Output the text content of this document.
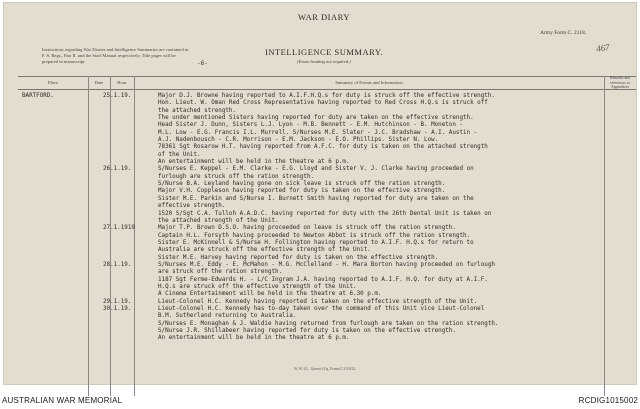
WAR DIARY
INTELLIGENCE SUMMARY.
(Erase heading not required.)
Army Form C. 2118.
Instructions regarding War Diaries and Intelligence Summaries are contained in F. S. Regs., Part II. and the Staff Manual respectively. Title pages will be prepared in manuscript.	-6-
467
Place	Date	Hour	Summary of Events and Information
Remarks and references to Appendices
BARTFORD.	25.1.19.	Major D.J. Browne having reported to A.I.F.H.Q.s for duty is struck off the effective strength.
Hon. Lieut. W. Oman Red Cross Representative having reported to Red Cross H.Q.s is struck off
the attached strength.
The under mentioned Sisters having reported for duty are taken on the effective strength.
Head Sister J. Dunn, Sisters L.J. Lyon - M.B. Bennett - E.M. Hutchinson - B. Moneton -
M.L. Low - E.G. Francis I.L. Murrell. S/Nurses M.E. Slater - J.C. Bradshaw - A.I. Austin -
A.J. Nadenbousch - C.R. Morrison - E.M. Jackson - E.O. Phillips. Sister N. Low.
78361 Sgt Rosarow H.T. having reported from A.F.C. for duty is taken on the attached strength
of the Unit.
An entertainment will be held in the theatre at 6 p.m.
26.1.19.	S/Nurses E. Keppel - E.M. Clarke - E.G. Lloyd and Sister V. J. Clarke having proceeded on
furlough are struck off the ration strength.
S/Nurse B.A. Leyland having gone on sick leave is struck off the ration strength.
Major V.H. Coppleson having reported for duty is taken on the effective strength.
Sister M.E. Parkin and S/Nurse I. Burnett Smith having reported for duty are taken on the
effective strength.
1520 S/Sgt C.A. Tulloh A.A.D.C. having reported for duty with the 26th Dental Unit is taken on
the attached strength of the Unit.
27.1.1919	Major T.P. Brown D.S.O. having proceeded on leave is struck off the ration strength.
Captain H.L. Forsyth having proceeded to Newton Abbot is struck off the ration strength.
Sister E. McKinnell & S/Nurse H. Follington having reported to A.I.F. H.Q.s for return to
Australia are struck off the effective strength of the Unit.
Sister M.E. Harvey having reported for duty is taken on the effective strength.
28.1.19.	S/Nurses M.E. Eddy - E. McMahon - M.G. McClelland - H. Mara Borton having proceeded on furlough
are struck off the ration strength.
1187 Sgt Ferme-Edwards H. - L/C Ingram J.A. having reported to A.I.F. H.Q. for duty at A.I.F.
H.Q.s are struck off the effective strength of the Unit.
A Cinema Entertainment will be held in the theatre at 6.30 p.m.
29.1.19.	Lieut-Colonel H.C. Kennedy having reported is taken on the effective strength of the Unit.
30.1.19.	Lieut-Colonel H.C. Kennedy has to-day taken over the command of this Unit vice Lieut-Colonel
B.M. Sutherland returning to Australia.
S/Nurses E. Monaghan & J. Waldie having returned from furlough are taken on the ration strength.
S/Nurse J.R. Shillabeer having reported for duty is taken on the effective strength.
An entertainment will be held in the theatre at 6 p.m.
W. W. 6 L. 1(arrow) 8 g. Forms/C.2118/12.
AUSTRALIAN WAR MEMORIAL	RCDIG1015002
